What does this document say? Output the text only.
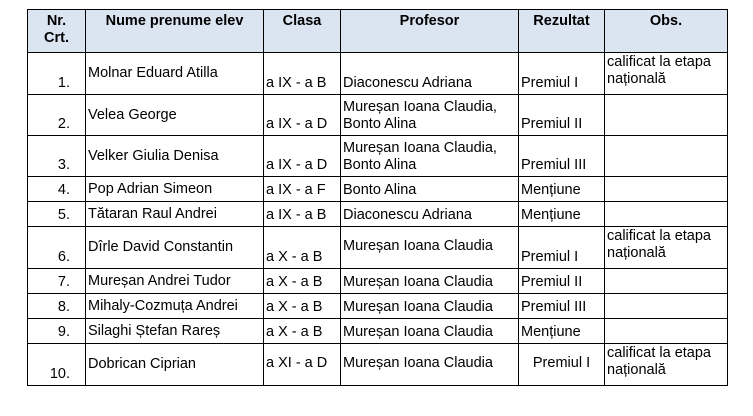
Nr. Crt.	Nume prenume elev	Clasa	Profesor	Rezultat	Obs.
1.	Molnar Eduard Atilla	a IX - a B	Diaconescu Adriana	Premiul I	calificat la etapa națională
2.	Velea George	a IX - a D	Mureșan Ioana Claudia, Bonto Alina	Premiul II	
3.	Velker Giulia Denisa	a IX - a D	Mureșan Ioana Claudia, Bonto Alina	Premiul III	
4.	Pop Adrian Simeon	a IX - a F	Bonto Alina	Mențiune	
5.	Tătaran Raul Andrei	a IX - a B	Diaconescu Adriana	Mențiune	
6.	Dîrle David Constantin	a X - a B	Mureșan Ioana Claudia	Premiul I	calificat la etapa națională
7.	Mureșan Andrei Tudor	a X - a B	Mureșan Ioana Claudia	Premiul II	
8.	Mihaly-Cozmuța Andrei	a X - a B	Mureșan Ioana Claudia	Premiul III	
9.	Silaghi Ștefan Rareș	a X - a B	Mureșan Ioana Claudia	Mențiune	
10.	Dobrican Ciprian	a XI - a D	Mureșan Ioana Claudia	Premiul I	calificat la etapa națională
